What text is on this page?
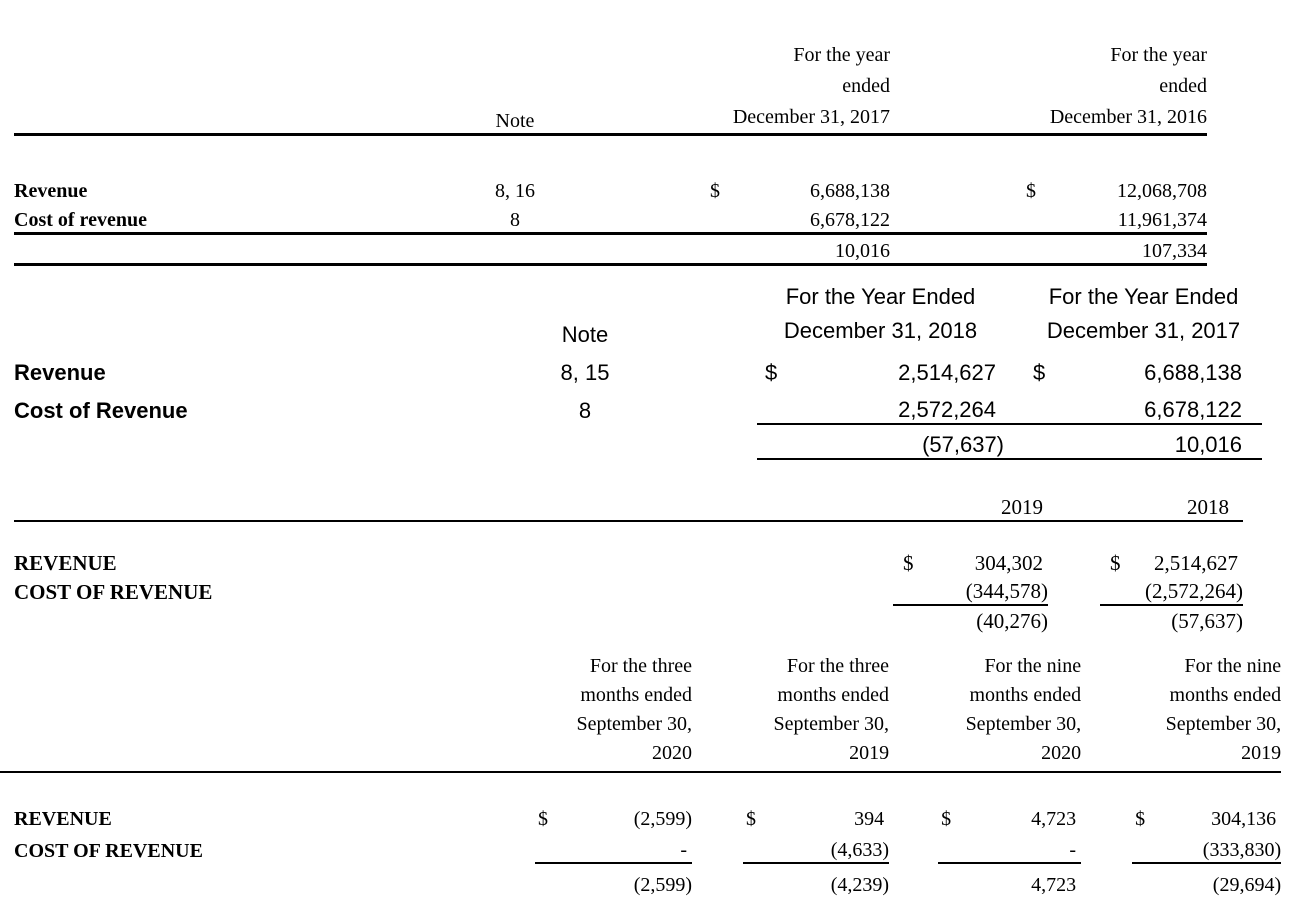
	Note		
For the year
ended
December 31, 2017

For the year
ended
December 31, 2016

Revenue	8, 16		$	6,688,138		$	12,068,708
Cost of revenue	8			6,678,122			11,961,374
				10,016			107,334
	Note		
For the Year Ended
December 31, 2018

For the Year Ended
December 31, 2017

Revenue	8, 15		$	2,514,627		$	6,688,138	
Cost of Revenue	8			2,572,264			6,678,122	
				(57,637)			10,016	
	2019			2018	

REVENUE	$	304,302		$	2,514,627
COST OF REVENUE		(344,578)			(2,572,264)
		(40,276)			(57,637)

For the three
months ended
September 30,
2020

For the three
months ended
September 30,
2019

For the nine
months ended
September 30,
2020

For the nine
months ended
September 30,
2019

REVENUE		$	(2,599)		$	394		$	4,723		$	304,136
COST OF REVENUE			-			(4,633)			-			(333,830)
			(2,599)			(4,239)			4,723			(29,694)
